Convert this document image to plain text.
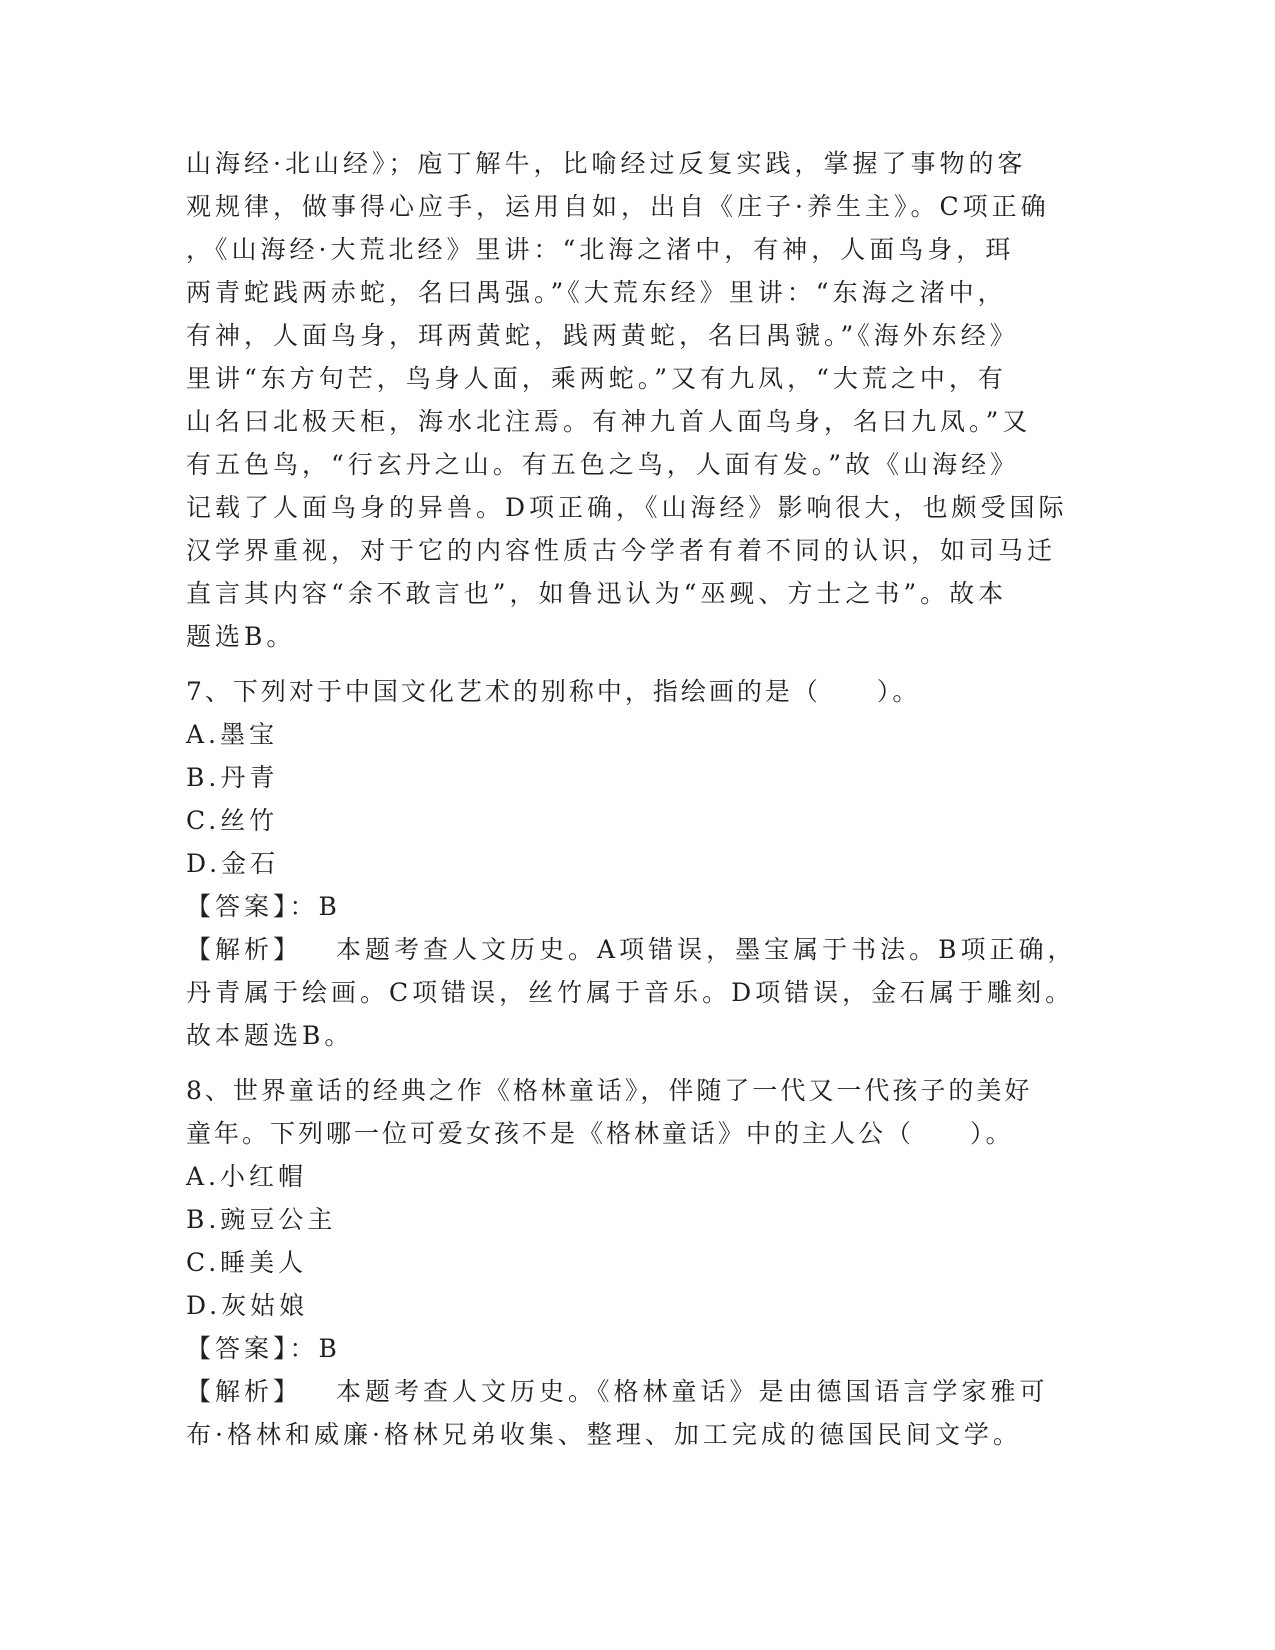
山海经·北山经》；庖丁解牛，比喻经过反复实践，掌握了事物的客
观规律，做事得心应手，运用自如，出自《庄子·养生主》。C项正确
，《山海经·大荒北经》里讲：“北海之渚中，有神，人面鸟身，珥
两青蛇践两赤蛇，名曰禺强。”《大荒东经》里讲：“东海之渚中，
有神，人面鸟身，珥两黄蛇，践两黄蛇，名曰禺虢。”《海外东经》
里讲“东方句芒，鸟身人面，乘两蛇。”又有九凤，“大荒之中，有
山名曰北极天柜，海水北注焉。有神九首人面鸟身，名曰九凤。”又
有五色鸟，“行玄丹之山。有五色之鸟，人面有发。”故《山海经》
记载了人面鸟身的异兽。D项正确，《山海经》影响很大，也颇受国际
汉学界重视，对于它的内容性质古今学者有着不同的认识，如司马迁
直言其内容“余不敢言也”，如鲁迅认为“巫觋、方士之书”。故本
题选B。
7、下列对于中国文化艺术的别称中，指绘画的是（　　）。
A.墨宝
B.丹青
C.丝竹
D.金石
【答案】：B
【解析】 本题考查人文历史。A项错误，墨宝属于书法。B项正确，
丹青属于绘画。C项错误，丝竹属于音乐。D项错误，金石属于雕刻。
故本题选B。
8、世界童话的经典之作《格林童话》，伴随了一代又一代孩子的美好
童年。下列哪一位可爱女孩不是《格林童话》中的主人公（　　）。
A.小红帽
B.豌豆公主
C.睡美人
D.灰姑娘
【答案】：B
【解析】 本题考查人文历史。《格林童话》是由德国语言学家雅可
布·格林和威廉·格林兄弟收集、整理、加工完成的德国民间文学。
